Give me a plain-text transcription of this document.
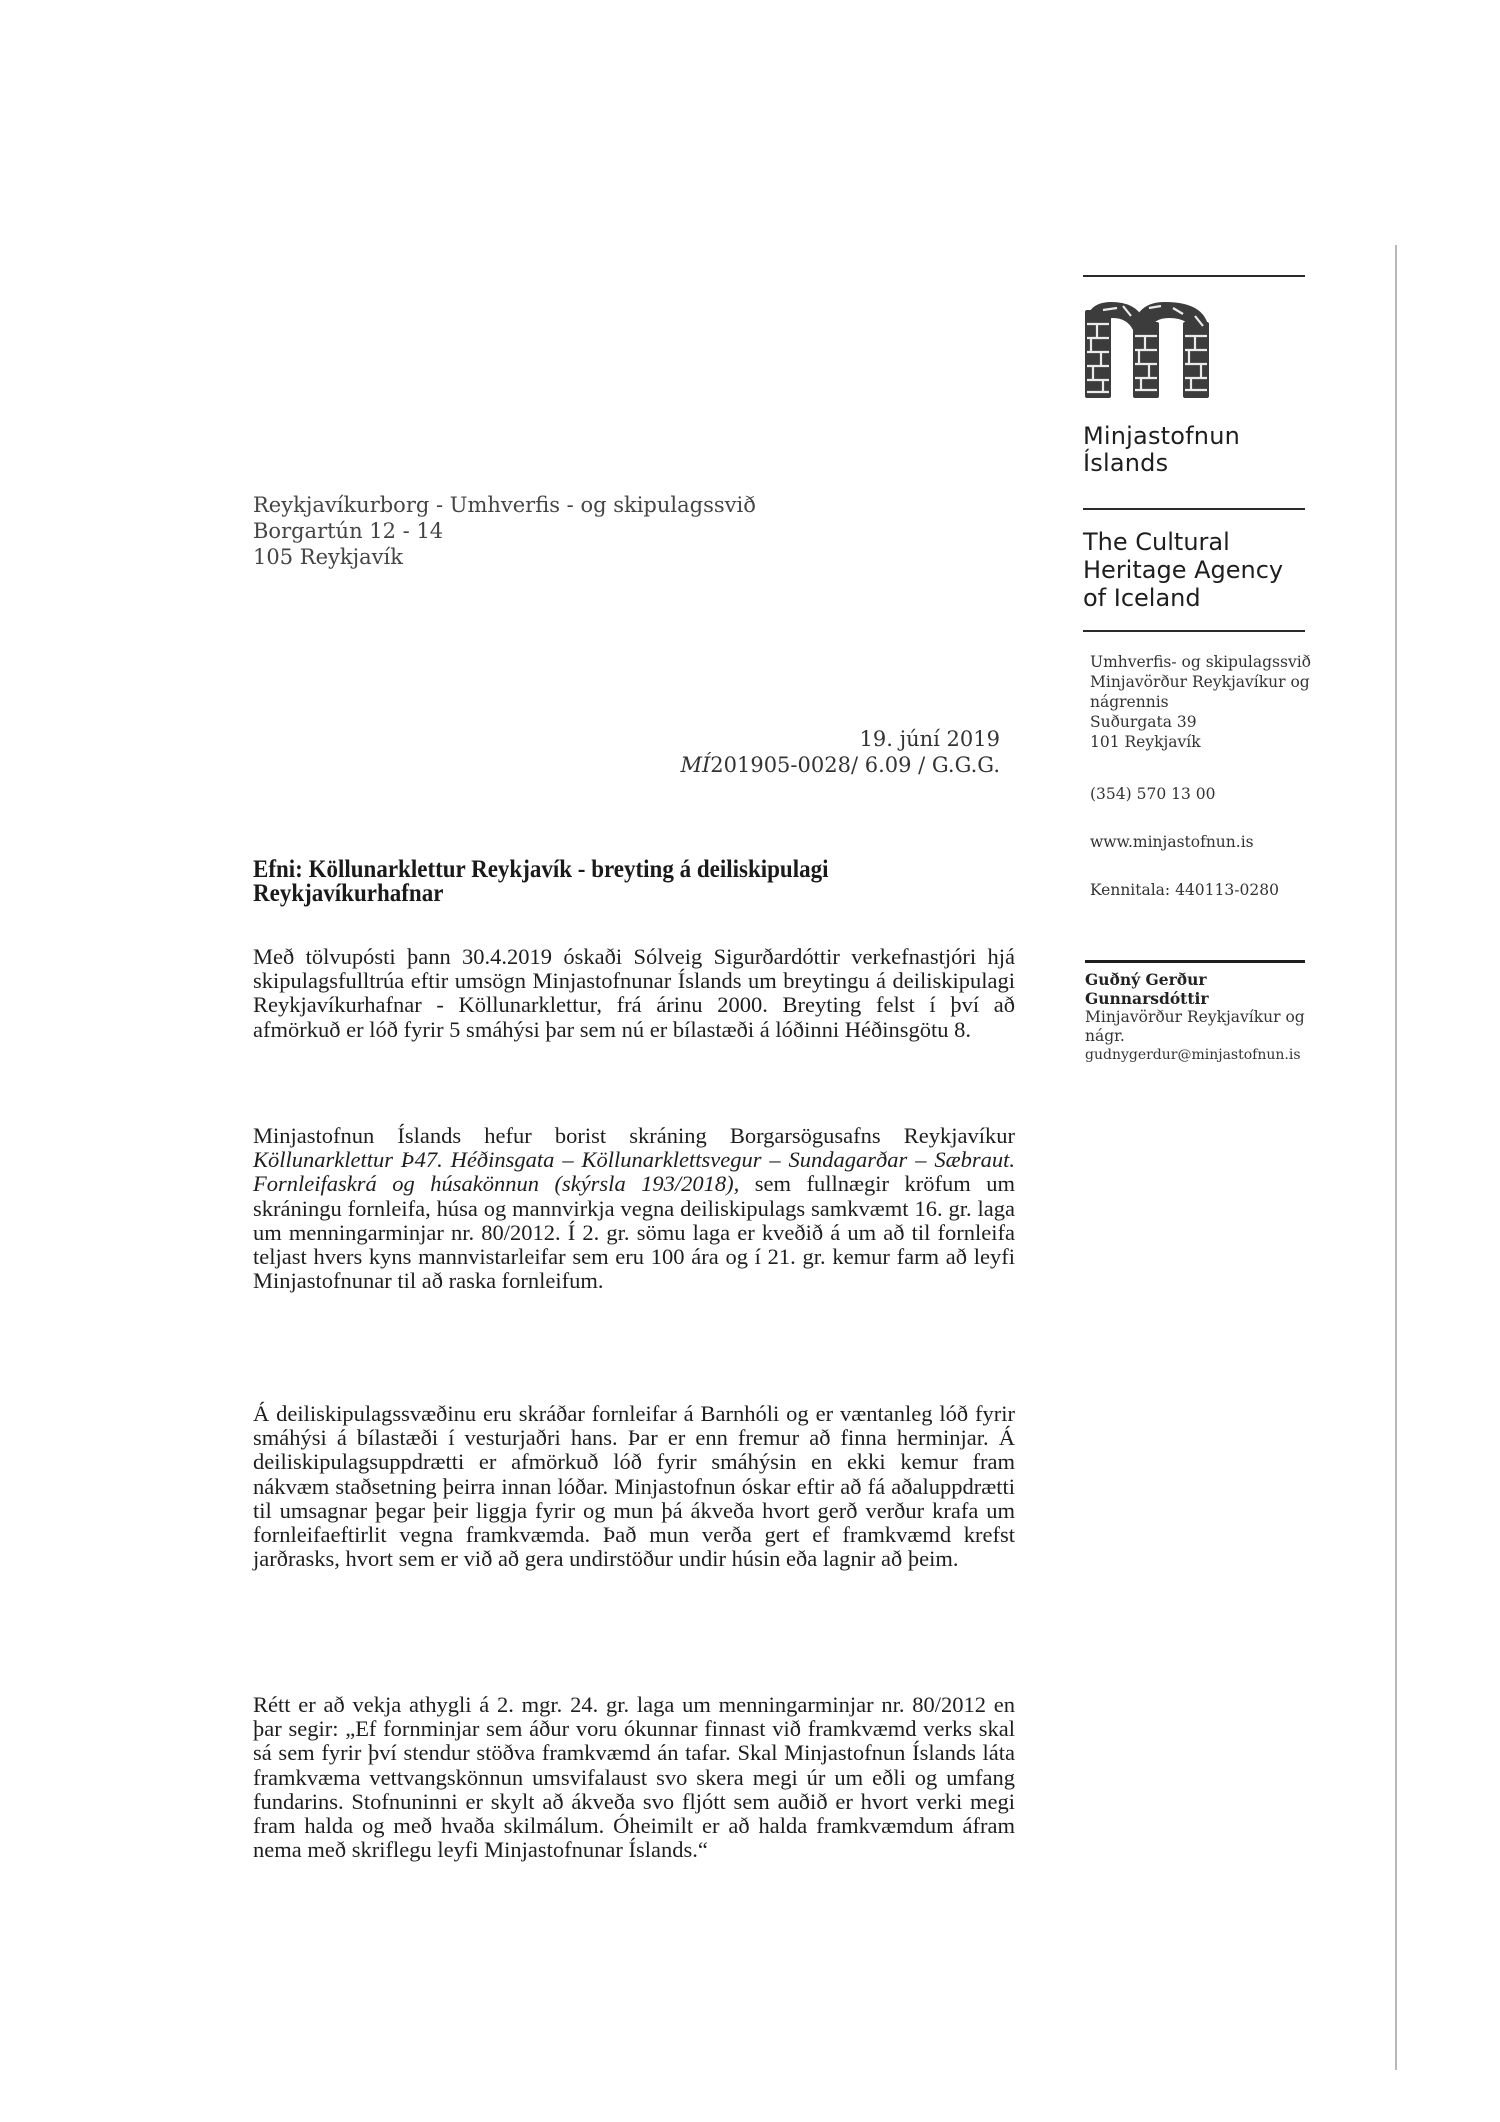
Minjastofnun
Íslands
The Cultural
Heritage Agency
of Iceland
Umhverfis- og skipulagssvið
Minjavörður Reykjavíkur og
nágrennis
Suðurgata 39
101 Reykjavík
(354) 570 13 00
www.minjastofnun.is
Kennitala: 440113-0280
Guðný Gerður
Gunnarsdóttir
Minjavörður Reykjavíkur og
nágr.
gudnygerdur@minjastofnun.is
Reykjavíkurborg - Umhverfis - og skipulagssvið
Borgartún 12 - 14
105 Reykjavík
19. júní 2019
MÍ201905-0028/ 6.09 / G.G.G.
Efni: Köllunarklettur Reykjavík - breyting á deiliskipulagi Reykjavíkurhafnar
Með tölvupósti þann 30.4.2019 óskaði Sólveig Sigurðardóttir verkefnastjóri hjá skipulagsfulltrúa eftir umsögn Minjastofnunar Íslands um breytingu á deiliskipulagi Reykjavíkurhafnar - Köllunarklettur, frá árinu 2000. Breyting felst í því að afmörkuð er lóð fyrir 5 smáhýsi þar sem nú er bílastæði á lóðinni Héðinsgötu 8.
Minjastofnun Íslands hefur borist skráning Borgarsögusafns Reykjavíkur Köllunarklettur Þ47. Héðinsgata – Köllunarklettsvegur – Sundagarðar – Sæbraut. Fornleifaskrá og húsakönnun (skýrsla 193/2018), sem fullnægir kröfum um skráningu fornleifa, húsa og mannvirkja vegna deiliskipulags samkvæmt 16. gr. laga um menningarminjar nr. 80/2012. Í 2. gr. sömu laga er kveðið á um að til fornleifa teljast hvers kyns mannvistarleifar sem eru 100 ára og í 21. gr. kemur farm að leyfi Minjastofnunar til að raska fornleifum.
Á deiliskipulagssvæðinu eru skráðar fornleifar á Barnhóli og er væntanleg lóð fyrir smáhýsi á bílastæði í vesturjaðri hans. Þar er enn fremur að finna herminjar. Á deiliskipulagsuppdrætti er afmörkuð lóð fyrir smáhýsin en ekki kemur fram nákvæm staðsetning þeirra innan lóðar. Minjastofnun óskar eftir að fá aðaluppdrætti til umsagnar þegar þeir liggja fyrir og mun þá ákveða hvort gerð verður krafa um fornleifaeftirlit vegna framkvæmda. Það mun verða gert ef framkvæmd krefst jarðrasks, hvort sem er við að gera undirstöður undir húsin eða lagnir að þeim.
Rétt er að vekja athygli á 2. mgr. 24. gr. laga um menningarminjar nr. 80/2012 en þar segir: „Ef fornminjar sem áður voru ókunnar finnast við framkvæmd verks skal sá sem fyrir því stendur stöðva framkvæmd án tafar. Skal Minjastofnun Íslands láta framkvæma vettvangskönnun umsvifalaust svo skera megi úr um eðli og umfang fundarins. Stofnuninni er skylt að ákveða svo fljótt sem auðið er hvort verki megi fram halda og með hvaða skilmálum. Óheimilt er að halda framkvæmdum áfram nema með skriflegu leyfi Minjastofnunar Íslands.“
